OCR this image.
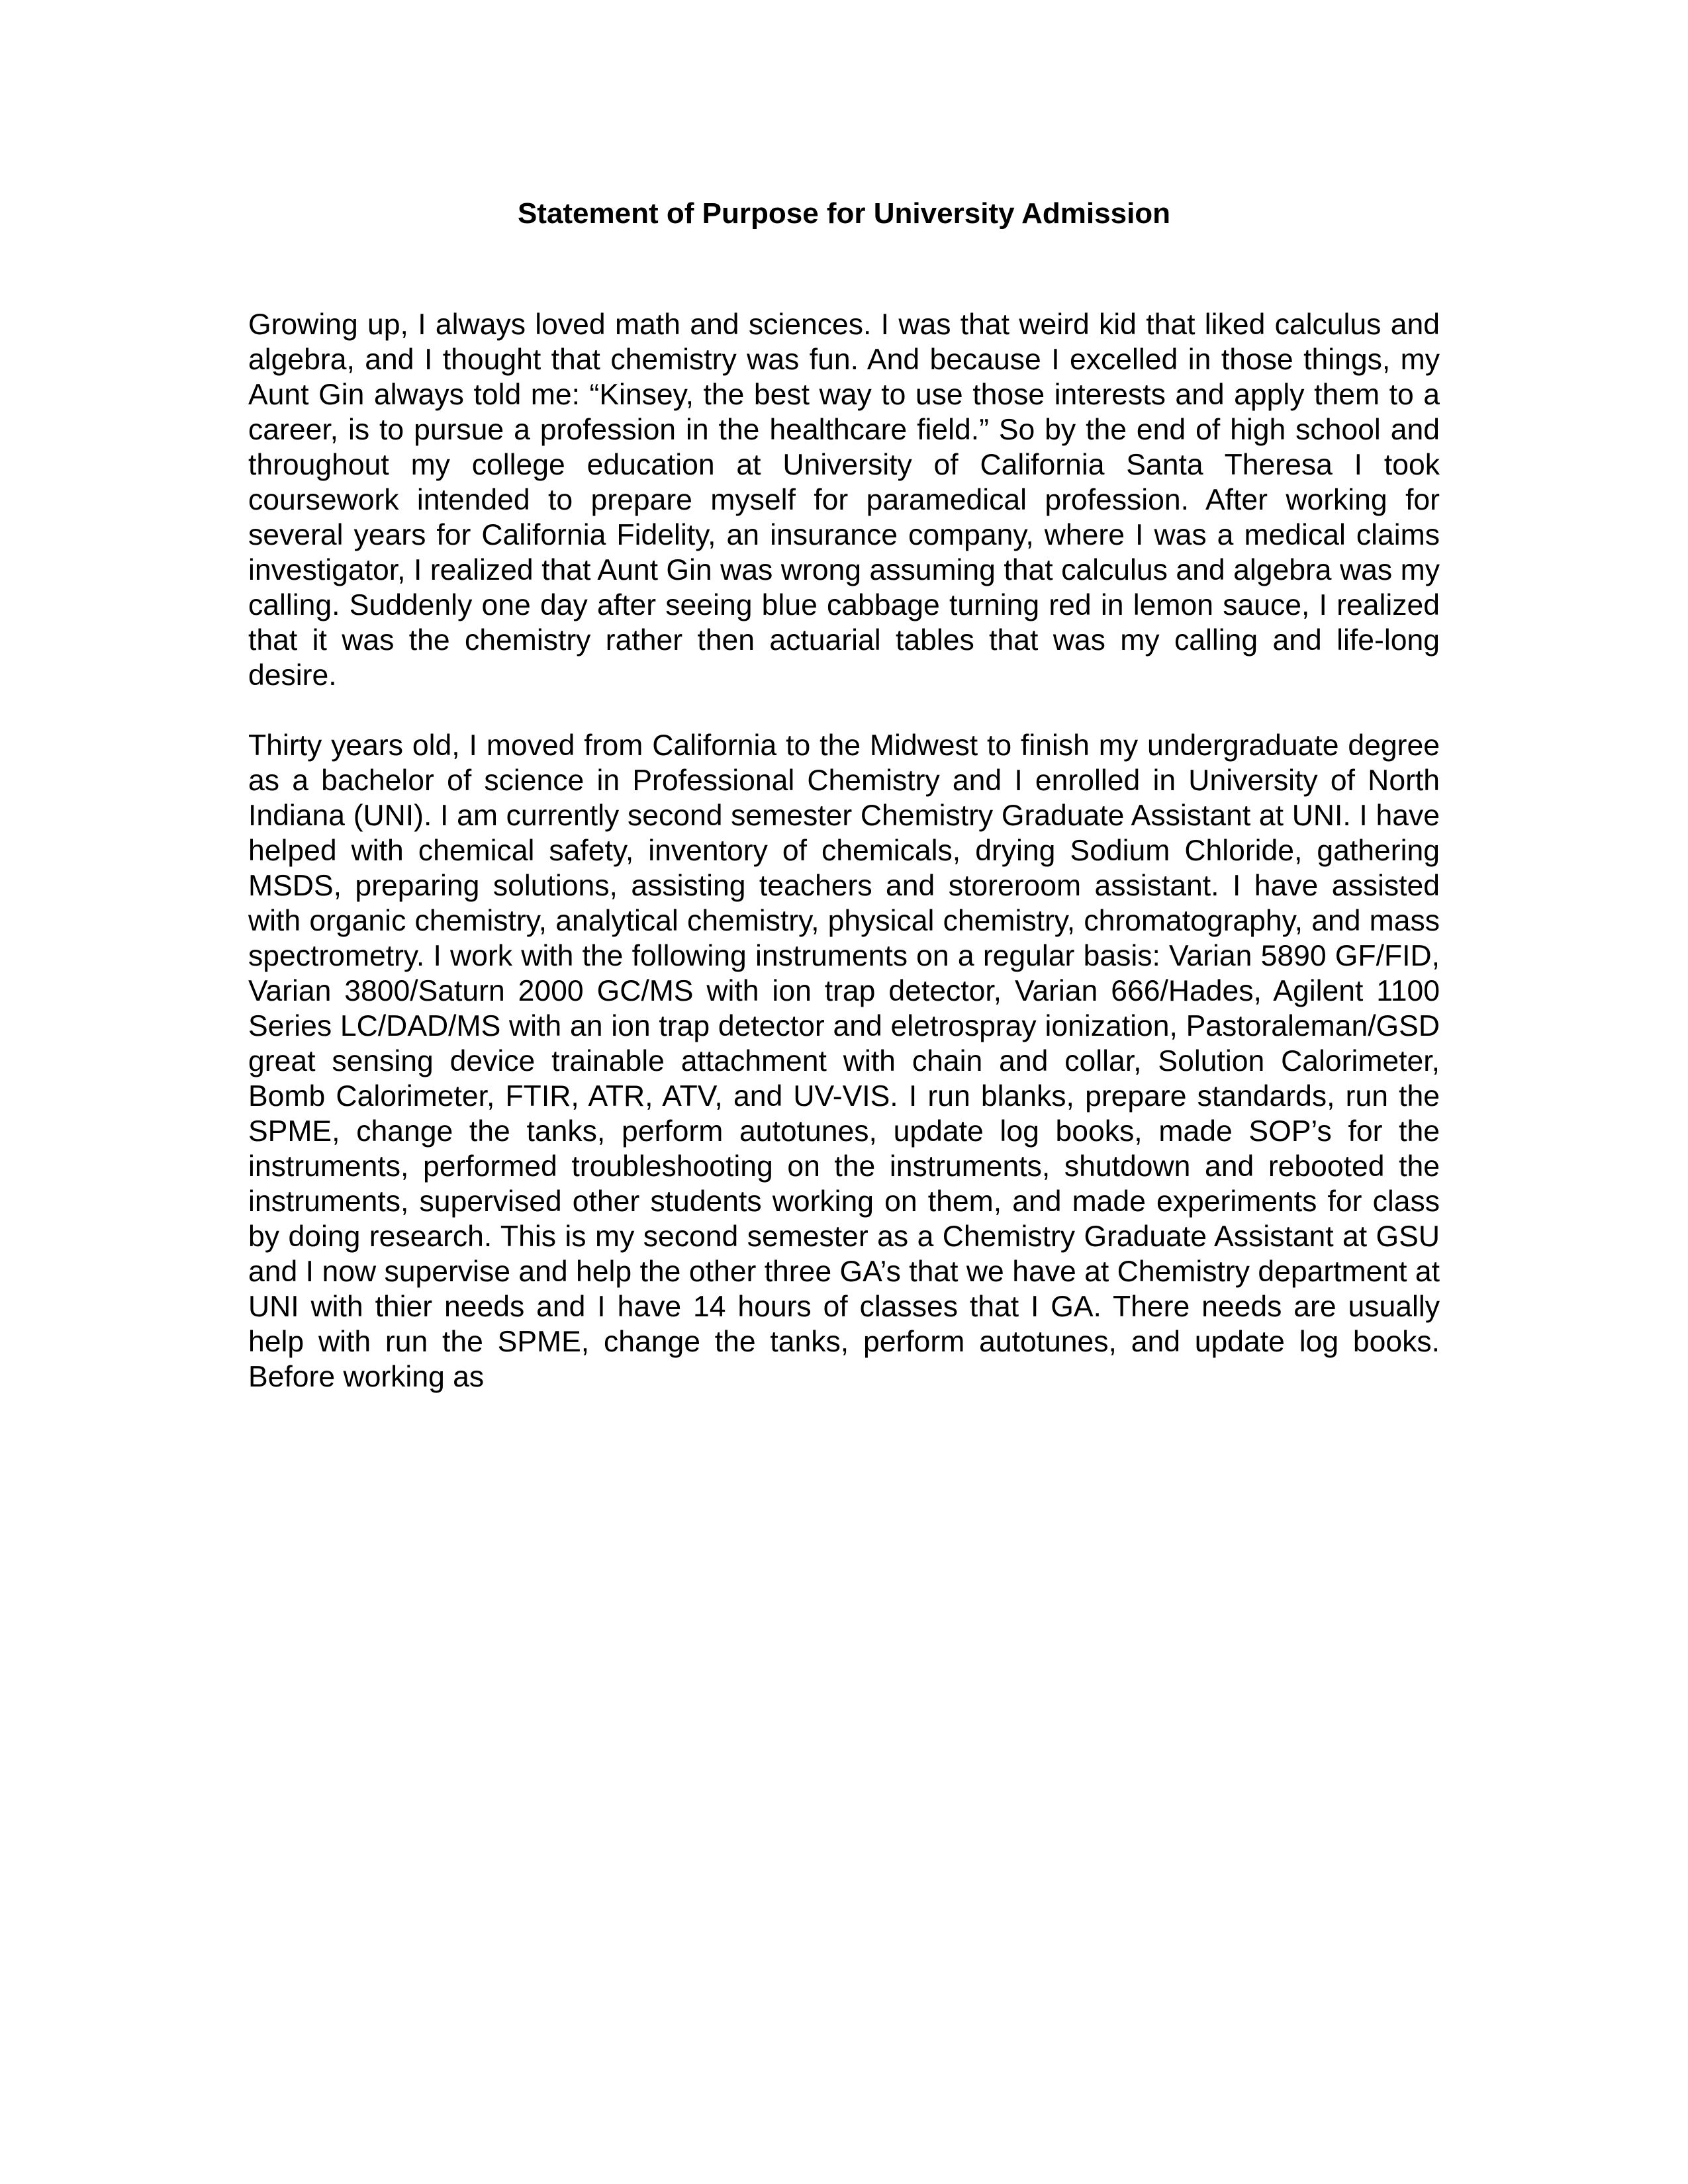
Statement of Purpose for University Admission

Growing up, I always loved math and sciences. I was that weird kid that liked calculus and algebra, and I thought that chemistry was fun. And because I excelled in those things, my Aunt Gin always told me: “Kinsey, the best way to use those interests and apply them to a career, is to pursue a profession in the healthcare field.” So by the end of high school and throughout my college education at University of California Santa Theresa I took coursework intended to prepare myself for paramedical profession. After working for several years for California Fidelity, an insurance company, where I was a medical claims investigator, I realized that Aunt Gin was wrong assuming that calculus and algebra was my calling. Suddenly one day after seeing blue cabbage turning red in lemon sauce, I realized that it was the chemistry rather then actuarial tables that was my calling and life-long desire.

Thirty years old, I moved from California to the Midwest to finish my undergraduate degree as a bachelor of science in Professional Chemistry and I enrolled in University of North Indiana (UNI). I am currently second semester Chemistry Graduate Assistant at UNI. I have helped with chemical safety, inventory of chemicals, drying Sodium Chloride, gathering MSDS, preparing solutions, assisting teachers and storeroom assistant. I have assisted with organic chemistry, analytical chemistry, physical chemistry, chromatography, and mass spectrometry. I work with the following instruments on a regular basis: Varian 5890 GF/FID, Varian 3800/Saturn 2000 GC/MS with ion trap detector, Varian 666/Hades, Agilent 1100 Series LC/DAD/MS with an ion trap detector and eletrospray ionization, Pastoraleman/GSD great sensing device trainable attachment with chain and collar, Solution Calorimeter, Bomb Calorimeter, FTIR, ATR, ATV, and UV-VIS. I run blanks, prepare standards, run the SPME, change the tanks, perform autotunes, update log books, made SOP’s for the instruments, performed troubleshooting on the instruments, shutdown and rebooted the instruments, supervised other students working on them, and made experiments for class by doing research. This is my second semester as a Chemistry Graduate Assistant at GSU and I now supervise and help the other three GA’s that we have at Chemistry department at UNI with thier needs and I have 14 hours of classes that I GA. There needs are usually help with run the SPME, change the tanks, perform autotunes, and update log books. Before working as
